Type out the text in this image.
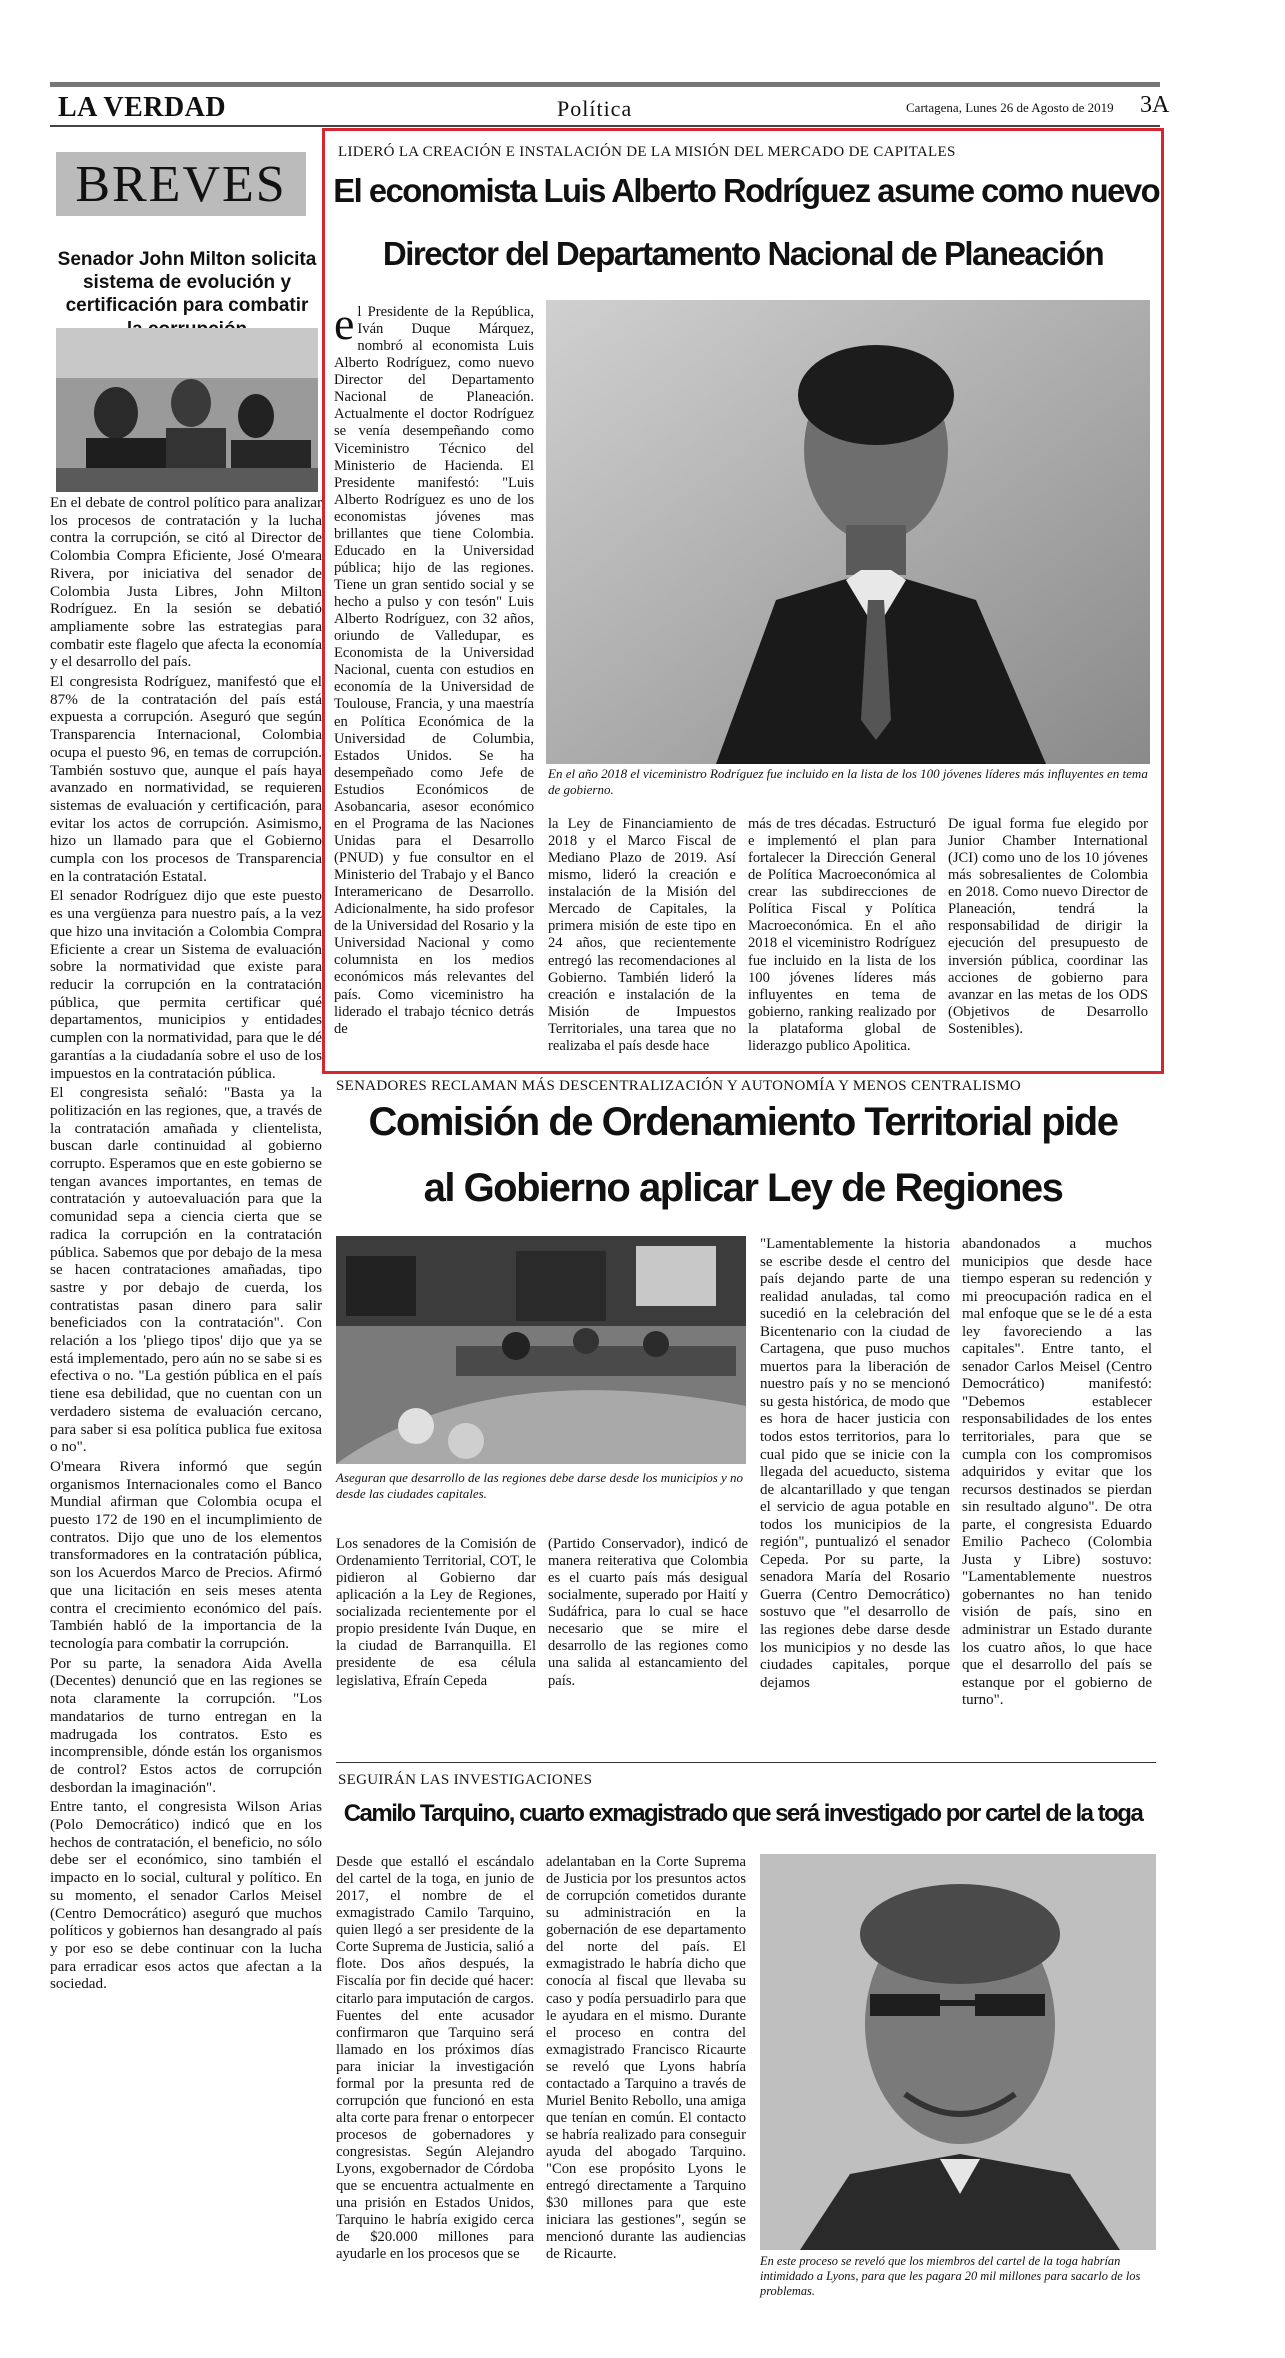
LA VERDAD	Política	Cartagena, Lunes 26 de Agosto de 2019 3A
BREVES
Senador John Milton solicita sistema de evolución y certificación para combatir

En el debate de control político para analizar los procesos de contratación y la lucha contra la corrupción, se citó al Director de Colombia Compra Eficiente, José O'meara Rivera, por iniciativa del senador de Colombia Justa Libres, John Milton Rodríguez. En la sesión se debatió ampliamente sobre las estrategias para combatir este flagelo que afecta la economía y el desarrollo del país.

El congresista Rodríguez, manifestó que el 87% de la contratación del país está expuesta a corrupción. Aseguró que según Transparencia Internacional, Colombia ocupa el puesto 96, en temas de corrupción. También sostuvo que, aunque el país haya avanzado en normatividad, se requieren sistemas de evaluación y certificación, para evitar los actos de corrupción. Asimismo, hizo un llamado para que el Gobierno cumpla con los procesos de Transparencia en la contratación Estatal.

El senador Rodríguez dijo que este puesto es una vergüenza para nuestro país, a la vez que hizo una invitación a Colombia Compra Eficiente a crear un Sistema de evaluación sobre la normatividad que existe para reducir la corrupción en la contratación pública, que permita certificar qué departamentos, municipios y entidades cumplen con la normatividad, para que le dé garantías a la ciudadanía sobre el uso de los impuestos en la contratación pública.

El congresista señaló: "Basta ya la politización en las regiones, que, a través de la contratación amañada y clientelista, buscan darle continuidad al gobierno corrupto. Esperamos que en este gobierno se tengan avances importantes, en temas de contratación y autoevaluación para que la comunidad sepa a ciencia cierta que se radica la corrupción en la contratación pública. Sabemos que por debajo de la mesa se hacen contrataciones amañadas, tipo sastre y por debajo de cuerda, los contratistas pasan dinero para salir beneficiados con la contratación". Con relación a los 'pliego tipos' dijo que ya se está implementado, pero aún no se sabe si es efectiva o no. "La gestión pública en el país tiene esa debilidad, que no cuentan con un verdadero sistema de evaluación cercano, para saber si esa política publica fue exitosa o no".

O'meara Rivera informó que según organismos Internacionales como el Banco Mundial afirman que Colombia ocupa el puesto 172 de 190 en el incumplimiento de contratos. Dijo que uno de los elementos transformadores en la contratación pública, son los Acuerdos Marco de Precios. Afirmó que una licitación en seis meses atenta contra el crecimiento económico del país. También habló de la importancia de la tecnología para combatir la corrupción.

Por su parte, la senadora Aida Avella (Decentes) denunció que en las regiones se nota claramente la corrupción. "Los mandatarios de turno entregan en la madrugada los contratos. Esto es incomprensible, dónde están los organismos de control? Estos actos de corrupción desbordan la imaginación".

Entre tanto, el congresista Wilson Arias (Polo Democrático) indicó que en los hechos de contratación, el beneficio, no sólo debe ser el económico, sino también el impacto en lo social, cultural y político. En su momento, el senador Carlos Meisel (Centro Democrático) aseguró que muchos políticos y gobiernos han desangrado al país y por eso se debe continuar con la lucha para erradicar esos actos que afectan a la sociedad.

LIDERÓ LA CREACIÓN E INSTALACIÓN DE LA MISIÓN DEL MERCADO DE CAPITALES
El economista Luis Alberto Rodríguez asume como nuevo
Director del Departamento Nacional de Planeación
el Presidente de la República, Iván Duque Márquez, nombró al economista Luis Alberto Rodríguez, como nuevo Director del Departamento Nacional de Planeación. Actualmente el doctor Rodríguez se venía desempeñando como Viceministro Técnico del Ministerio de Hacienda. El Presidente manifestó: "Luis Alberto Rodríguez es uno de los economistas jóvenes mas brillantes que tiene Colombia. Educado en la Universidad pública; hijo de las regiones. Tiene un gran sentido social y se hecho a pulso y con tesón" Luis Alberto Rodríguez, con 32 años, oriundo de Valledupar, es Economista de la Universidad Nacional, cuenta con estudios en economía de la Universidad de Toulouse, Francia, y una maestría en Política Económica de la Universidad de Columbia, Estados Unidos. Se ha desempeñado como Jefe de Estudios Económicos de Asobancaria, asesor económico en el Programa de las Naciones Unidas para el Desarrollo (PNUD) y fue consultor en el Ministerio del Trabajo y el Banco Interamericano de Desarrollo. Adicionalmente, ha sido profesor de la Universidad del Rosario y la Universidad Nacional y como columnista en los medios económicos más relevantes del país. Como viceministro ha liderado el trabajo técnico detrás de
En el año 2018 el viceministro Rodríguez fue incluido en la lista de los 100 jóvenes líderes más influyentes en tema de gobierno.
la Ley de Financiamiento de 2018 y el Marco Fiscal de Mediano Plazo de 2019. Así mismo, lideró la creación e instalación de la Misión del Mercado de Capitales, la primera misión de este tipo en 24 años, que recientemente entregó las recomendaciones al Gobierno. También lideró la creación e instalación de la Misión de Impuestos Territoriales, una tarea que no realizaba el país desde hace
más de tres décadas. Estructuró e implementó el plan para fortalecer la Dirección General de Política Macroeconómica al crear las subdirecciones de Política Fiscal y Política Macroeconómica. En el año 2018 el viceministro Rodríguez fue incluido en la lista de los 100 jóvenes líderes más influyentes en tema de gobierno, ranking realizado por la plataforma global de liderazgo publico Apolitica.
De igual forma fue elegido por Junior Chamber International (JCI) como uno de los 10 jóvenes más sobresalientes de Colombia en 2018. Como nuevo Director de Planeación, tendrá la responsabilidad de dirigir la ejecución del presupuesto de inversión pública, coordinar las acciones de gobierno para avanzar en las metas de los ODS (Objetivos de Desarrollo Sostenibles).
SENADORES RECLAMAN MÁS DESCENTRALIZACIÓN Y AUTONOMÍA Y MENOS CENTRALISMO
Comisión de Ordenamiento Territorial pide
al Gobierno aplicar Ley de Regiones
Aseguran que desarrollo de las regiones debe darse desde los municipios y no desde las ciudades capitales.
Los senadores de la Comisión de Ordenamiento Territorial, COT, le pidieron al Gobierno dar aplicación a la Ley de Regiones, socializada recientemente por el propio presidente Iván Duque, en la ciudad de Barranquilla. El presidente de esa célula legislativa, Efraín Cepeda
(Partido Conservador), indicó de manera reiterativa que Colombia es el cuarto país más desigual socialmente, superado por Haití y Sudáfrica, para lo cual se hace necesario que se mire el desarrollo de las regiones como una salida al estancamiento del país.
"Lamentablemente la historia se escribe desde el centro del país dejando parte de una realidad anuladas, tal como sucedió en la celebración del Bicentenario con la ciudad de Cartagena, que puso muchos muertos para la liberación de nuestro país y no se mencionó su gesta histórica, de modo que es hora de hacer justicia con todos estos territorios, para lo cual pido que se inicie con la llegada del acueducto, sistema de alcantarillado y que tengan el servicio de agua potable en todos los municipios de la región", puntualizó el senador Cepeda. Por su parte, la senadora María del Rosario Guerra (Centro Democrático) sostuvo que "el desarrollo de las regiones debe darse desde los municipios y no desde las ciudades capitales, porque dejamos
abandonados a muchos municipios que desde hace tiempo esperan su redención y mi preocupación radica en el mal enfoque que se le dé a esta ley favoreciendo a las capitales". Entre tanto, el senador Carlos Meisel (Centro Democrático) manifestó: "Debemos establecer responsabilidades de los entes territoriales, para que se cumpla con los compromisos adquiridos y evitar que los recursos destinados se pierdan sin resultado alguno". De otra parte, el congresista Eduardo Emilio Pacheco (Colombia Justa y Libre) sostuvo: "Lamentablemente nuestros gobernantes no han tenido visión de país, sino en administrar un Estado durante los cuatro años, lo que hace que el desarrollo del país se estanque por el gobierno de turno".
SEGUIRÁN LAS INVESTIGACIONES
Camilo Tarquino, cuarto exmagistrado que será investigado por cartel de la toga
Desde que estalló el escándalo del cartel de la toga, en junio de 2017, el nombre de el exmagistrado Camilo Tarquino, quien llegó a ser presidente de la Corte Suprema de Justicia, salió a flote. Dos años después, la Fiscalía por fin decide qué hacer: citarlo para imputación de cargos. Fuentes del ente acusador confirmaron que Tarquino será llamado en los próximos días para iniciar la investigación formal por la presunta red de corrupción que funcionó en esta alta corte para frenar o entorpecer procesos de gobernadores y congresistas. Según Alejandro Lyons, exgobernador de Córdoba que se encuentra actualmente en una prisión en Estados Unidos, Tarquino le habría exigido cerca de $20.000 millones para ayudarle en los procesos que se
adelantaban en la Corte Suprema de Justicia por los presuntos actos de corrupción cometidos durante su administración en la gobernación de ese departamento del norte del país. El exmagistrado le habría dicho que conocía al fiscal que llevaba su caso y podía persuadirlo para que le ayudara en el mismo. Durante el proceso en contra del exmagistrado Francisco Ricaurte se reveló que Lyons habría contactado a Tarquino a través de Muriel Benito Rebollo, una amiga que tenían en común. El contacto se habría realizado para conseguir ayuda del abogado Tarquino. "Con ese propósito Lyons le entregó directamente a Tarquino $30 millones para que este iniciara las gestiones", según se mencionó durante las audiencias de Ricaurte.	En este proceso se reveló que los miembros del cartel de la toga habrían intimidado a Lyons, para que les pagara 20 mil millones para sacarlo de los problemas.
